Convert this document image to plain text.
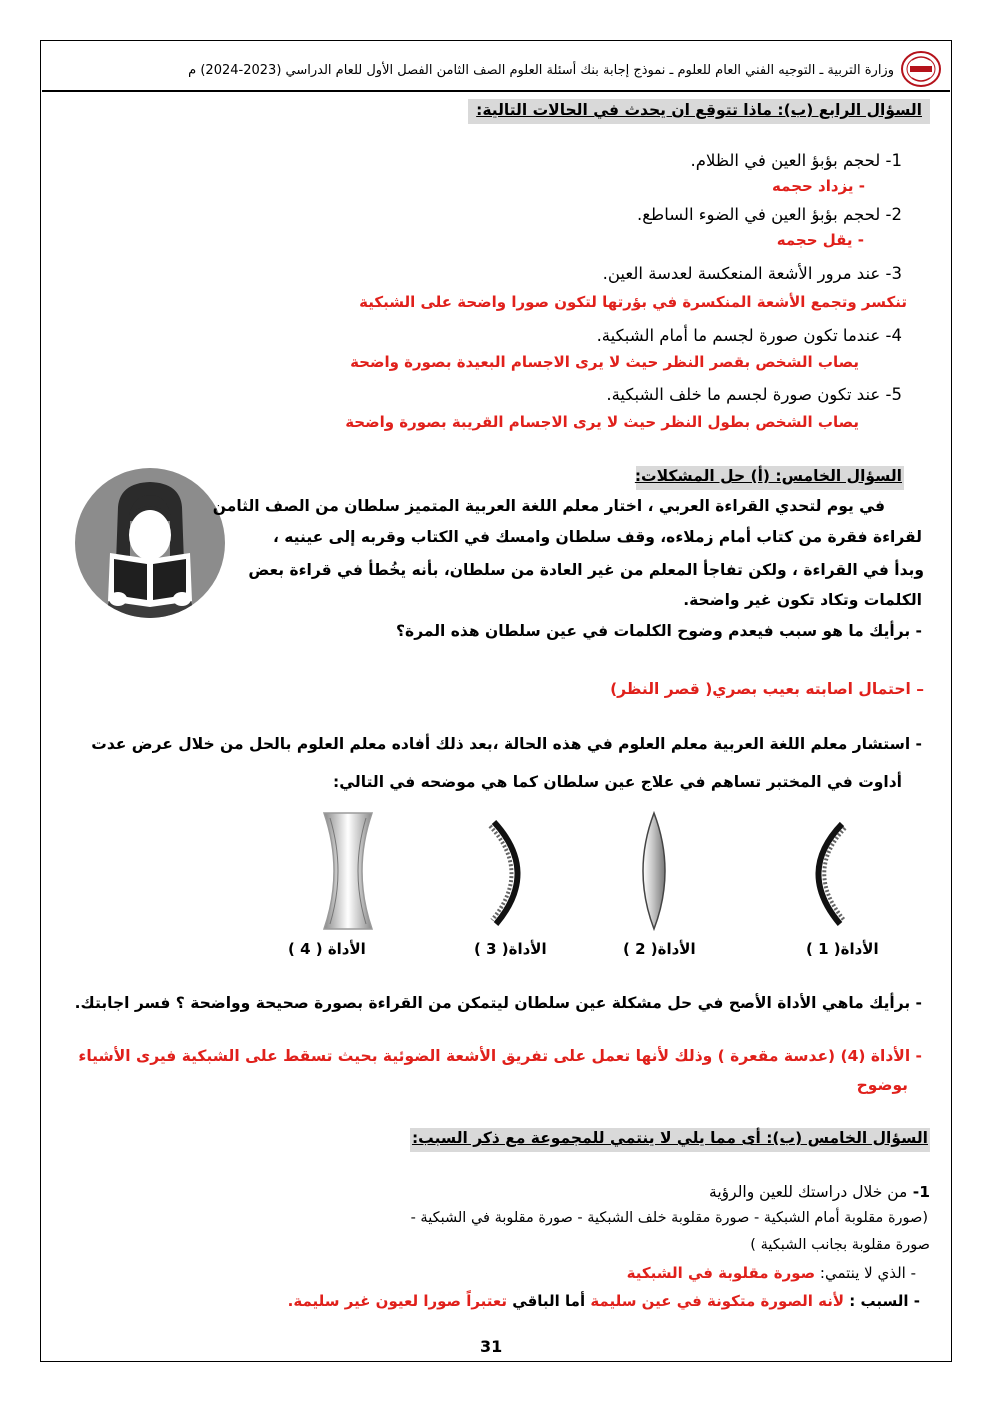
وزارة التربية ـ التوجيه الفني العام للعلوم ـ نموذج إجابة بنك أسئلة العلوم الصف الثامن الفصل الأول للعام الدراسي (2023-2024) م
السؤال الرابع (ب): ماذا تتوقع ان يحدث في الحالات التالية:
1- لحجم بؤبؤ العين في الظلام.
- يزداد حجمه
2- لحجم بؤبؤ العين في الضوء الساطع.
- يقل حجمه
3- عند مرور الأشعة المنعكسة لعدسة العين.
تنكسر وتجمع الأشعة المنكسرة في بؤرتها لتكون صورا واضحة على الشبكية
4- عندما تكون صورة لجسم ما أمام الشبكية.
يصاب الشخص بقصر النظر حيث لا يرى الاجسام البعيدة بصورة واضحة
5- عند تكون صورة لجسم ما خلف الشبكية.
يصاب الشخص بطول النظر حيث لا يرى الاجسام القريبة بصورة واضحة
السؤال الخامس: (أ) حل المشكلات:
في يوم لتحدي القراءة العربي ، اختار معلم اللغة العربية المتميز سلطان من الصف الثامن
لقراءة فقرة من كتاب أمام زملاءه، وقف سلطان وامسك في الكتاب وقربه إلى عينيه ،
وبدأ في القراءة ، ولكن تفاجأ المعلم من غير العادة من سلطان، بأنه يخُطأ في قراءة بعض
الكلمات وتكاد تكون غير واضحة.
- برأيك ما هو سبب فيعدم وضوح الكلمات في عين سلطان هذه المرة؟
– احتمال اصابته بعيب بصري( قصر النظر)
- استشار معلم اللغة العربية معلم العلوم في هذه الحالة ،بعد ذلك أفاده معلم العلوم بالحل من خلال عرض عدت
أداوت في المختبر تساهم في علاج عين سلطان كما هي موضحه في التالي:
الأداة( 1 )
الأداة( 2 )
الأداة( 3 )
الأداة ( 4 )
- برأيك ماهي الأداة الأصح في حل مشكلة عين سلطان ليتمكن من القراءة بصورة صحيحة وواضحة ؟ فسر اجابتك.
- الأداة (4) (عدسة مقعرة ) وذلك لأنها تعمل على تفريق الأشعة الضوئية بحيث تسقط على الشبكية فيرى الأشياء
بوضوح
السؤال الخامس (ب): أى مما يلي لا ينتمي للمجموعة مع ذكر السبب:
1- من خلال دراستك للعين والرؤية
(صورة مقلوبة أمام الشبكية - صورة مقلوبة خلف الشبكية - صورة مقلوبة في الشبكية -
صورة مقلوبة بجانب الشبكية )
- الذي لا ينتمي: صورة مقلوبة في الشبكية
- السبب : لأنه الصورة متكونة في عين سليمة أما الباقي تعتبراً صورا لعيون غير سليمة.
31
